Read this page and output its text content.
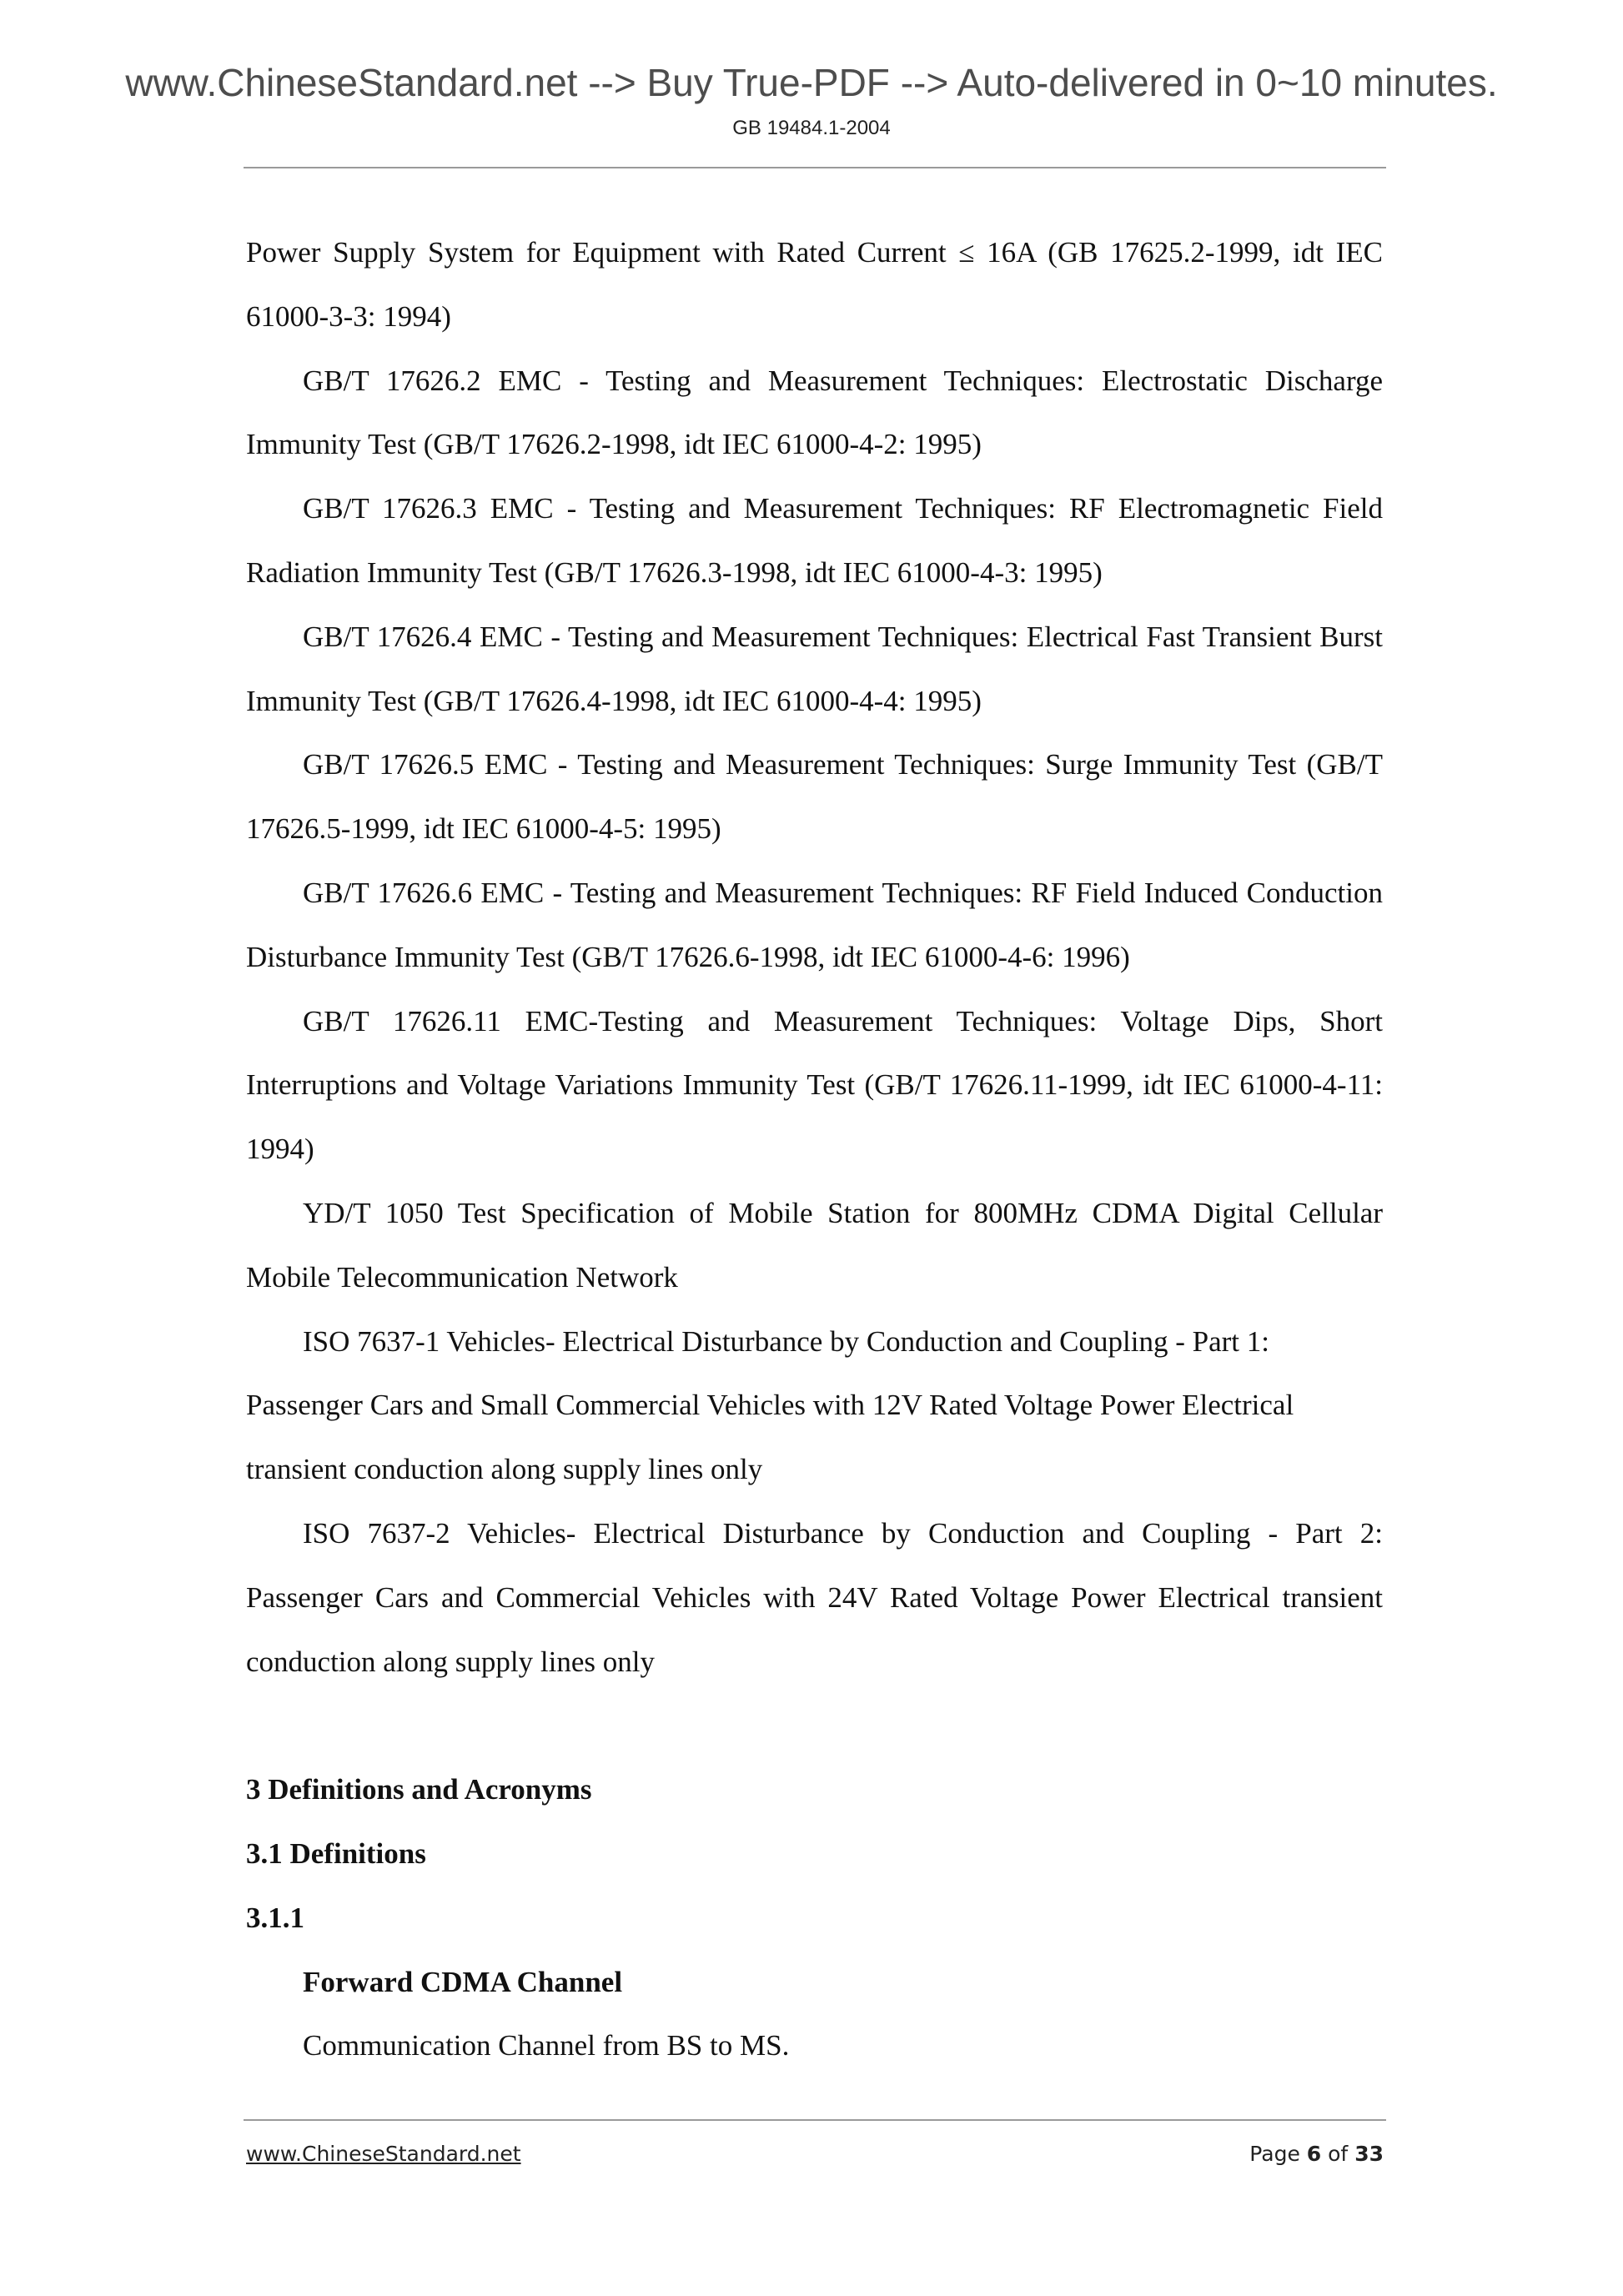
www.ChineseStandard.net --> Buy True-PDF --> Auto-delivered in 0~10 minutes.
GB 19484.1-2004

Power Supply System for Equipment with Rated Current ≤ 16A (GB 17625.2-1999, idt IEC 61000-3-3: 1994)

GB/T 17626.2 EMC - Testing and Measurement Techniques: Electrostatic Discharge Immunity Test (GB/T 17626.2-1998, idt IEC 61000-4-2: 1995)

GB/T 17626.3 EMC - Testing and Measurement Techniques: RF Electromagnetic Field Radiation Immunity Test (GB/T 17626.3-1998, idt IEC 61000-4-3: 1995)

GB/T 17626.4 EMC - Testing and Measurement Techniques: Electrical Fast Transient Burst Immunity Test (GB/T 17626.4-1998, idt IEC 61000-4-4: 1995)

GB/T 17626.5 EMC - Testing and Measurement Techniques: Surge Immunity Test (GB/T 17626.5-1999, idt IEC 61000-4-5: 1995)

GB/T 17626.6 EMC - Testing and Measurement Techniques: RF Field Induced Conduction Disturbance Immunity Test (GB/T 17626.6-1998, idt IEC 61000-4-6: 1996)

GB/T 17626.11 EMC-Testing and Measurement Techniques: Voltage Dips, Short Interruptions and Voltage Variations Immunity Test (GB/T 17626.11-1999, idt IEC 61000-4-11: 1994)

YD/T 1050 Test Specification of Mobile Station for 800MHz CDMA Digital Cellular Mobile Telecommunication Network

ISO 7637-1 Vehicles- Electrical Disturbance by Conduction and Coupling - Part 1:

Passenger Cars and Small Commercial Vehicles with 12V Rated Voltage Power Electrical

transient conduction along supply lines only

ISO 7637-2 Vehicles- Electrical Disturbance by Conduction and Coupling - Part 2: Passenger Cars and Commercial Vehicles with 24V Rated Voltage Power Electrical transient conduction along supply lines only

3 Definitions and Acronyms
3.1 Definitions
3.1.1
Forward CDMA Channel

Communication Channel from BS to MS.

www.ChineseStandard.net	Page 6 of 33
